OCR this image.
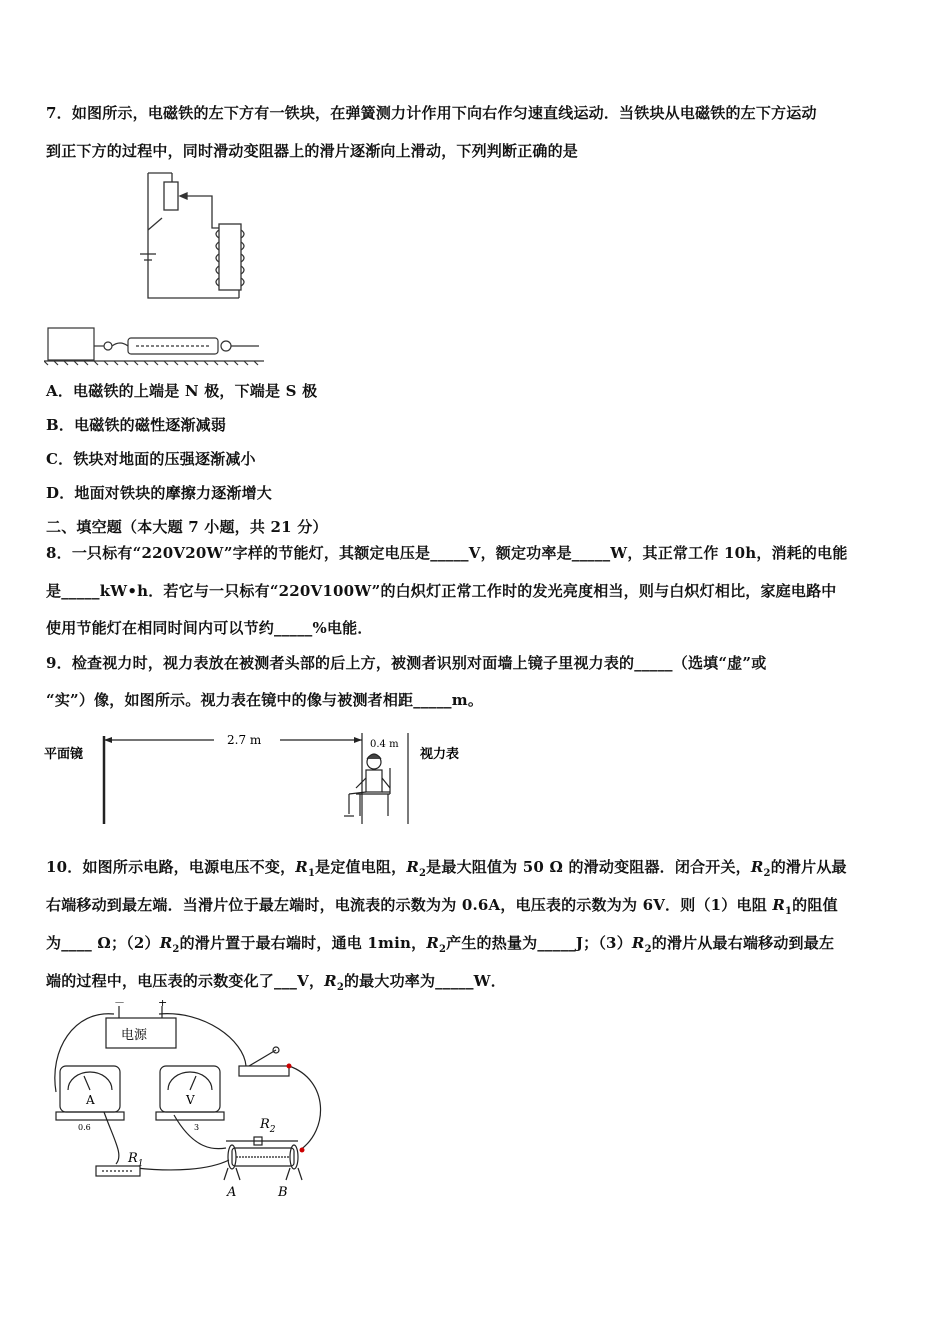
7．如图所示，电磁铁的左下方有一铁块，在弹簧测力计作用下向右作匀速直线运动．当铁块从电磁铁的左下方运动
到正下方的过程中，同时滑动变阻器上的滑片逐渐向上滑动，下列判断正确的是
A．电磁铁的上端是 N 极，下端是 S 极
B．电磁铁的磁性逐渐减弱
C．铁块对地面的压强逐渐减小
D．地面对铁块的摩擦力逐渐增大
二、填空题（本大题 7 小题，共 21 分）
8．一只标有“220V20W”字样的节能灯，其额定电压是_____V，额定功率是_____W，其正常工作 10h，消耗的电能
是_____kW•h．若它与一只标有“220V100W”的白炽灯正常工作时的发光亮度相当，则与白炽灯相比，家庭电路中
使用节能灯在相同时间内可以节约_____%电能．
9．检查视力时，视力表放在被测者头部的后上方，被测者识别对面墙上镜子里视力表的_____（选填“虚”或
“实”）像，如图所示。视力表在镜中的像与被测者相距_____m。
平面镜
2.7 m	0.4 m
视力表
10．如图所示电路，电源电压不变，$R_1$是定值电阻，$R_2$是最大阻值为 50 Ω 的滑动变阻器．闭合开关，$R_2$的滑片从最
右端移动到最左端．当滑片位于最左端时，电流表的示数为为 0.6A，电压表的示数为为 6V．则（1）电阻 $R_1$的阻值
为____ Ω；$(2)R_2$的滑片置于最右端时，通电 1min，$R_2$产生的热量为_____J；$(3)R_2$的滑片从最右端移动到最左
端的过程中，电压表的示数变化了___V，$R_2$的最大功率为_____W．
电源
－	+
A	V
0.6	3
$R_1$
$R_2$
A	B
